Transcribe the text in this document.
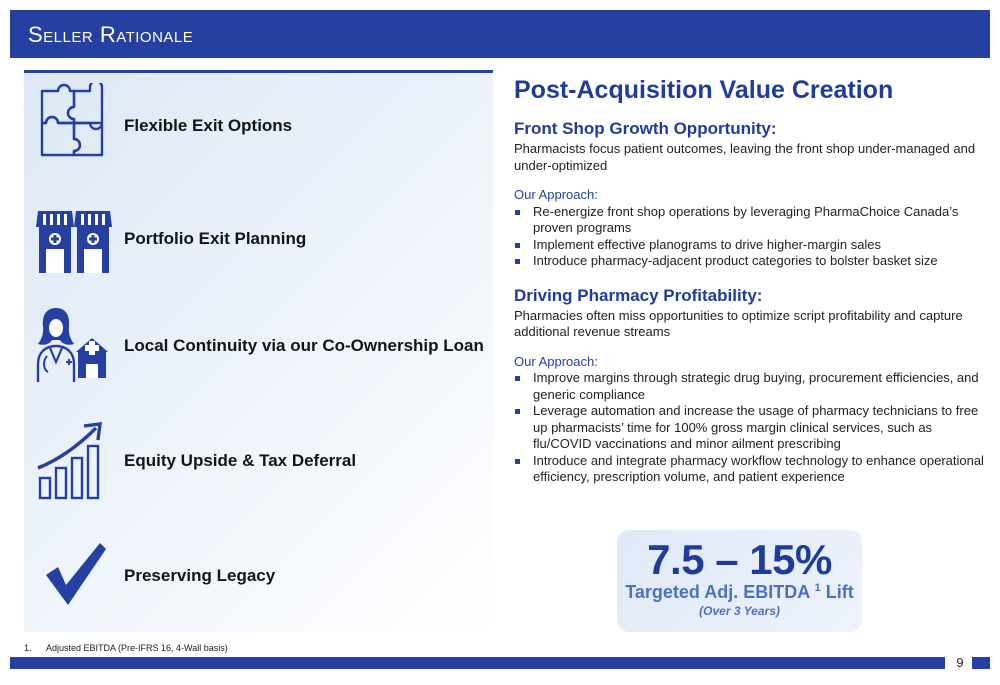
Seller Rationale
Flexible Exit Options
Portfolio Exit Planning
Local Continuity via our Co-Ownership Loan
Equity Upside & Tax Deferral
Preserving Legacy
Post-Acquisition Value Creation
Front Shop Growth Opportunity:
Pharmacists focus patient outcomes, leaving the front shop under-managed and under-optimized
Our Approach:
Re-energize front shop operations by leveraging PharmaChoice Canada’s proven programs
Implement effective planograms to drive higher-margin sales
Introduce pharmacy-adjacent product categories to bolster basket size
Driving Pharmacy Profitability:
Pharmacies often miss opportunities to optimize script profitability and capture additional revenue streams
Our Approach:
Improve margins through strategic drug buying, procurement efficiencies, and generic compliance
Leverage automation and increase the usage of pharmacy technicians to free up pharmacists’ time for 100% gross margin clinical services, such as flu/COVID vaccinations and minor ailment prescribing
Introduce and integrate pharmacy workflow technology to enhance operational efficiency, prescription volume, and patient experience
7.5 – 15%
Targeted Adj. EBITDA $^1$ Lift
(Over 3 Years)
1. Adjusted EBITDA (Pre-IFRS 16, 4-Wall basis)
9
